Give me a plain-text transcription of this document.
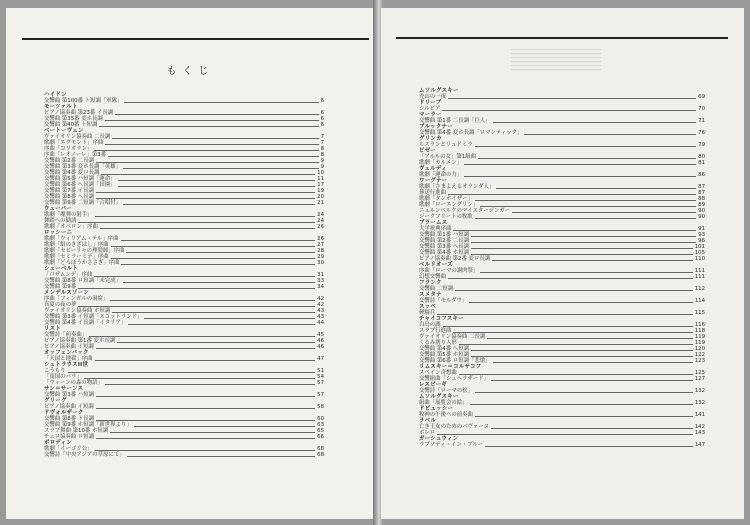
もくじ
ハイドン
交響曲 第100番 ト短調「軍隊」	6
モーツァルト
ピアノ協奏曲 第23番 イ長調	6
交響曲 第35番 変ホ長調	6
交響曲 第40番 ト短調	6
ベートーヴェン
ヴァイオリン協奏曲 二長調	7
歌劇「エグモント」序曲	7
序曲「コリオラン」	8
序曲「レオノーレ」第3番	8
交響曲 第2番 二長調	9
交響曲 第3番 変ホ長調「英雄」	9
交響曲 第4番 変ロ長調	10
交響曲 第5番 ハ短調「運命」	11
交響曲 第6番 へ長調「田園」	17
交響曲 第7番 イ長調	19
交響曲 第8番 へ長調	20
交響曲 第9番 二短調「合唱付」	21
ウェーバー
歌劇「魔弾の射手」	24
舞踏への勧誘	24
歌劇「オベロン」序曲	26
ロッシーニ
歌劇「ウィリアム・テル」序曲	26
歌劇「絹のきざはし」序曲	27
歌劇「セビーリャの理髪師」序曲	28
歌劇「セミラーミデ」序曲	29
歌劇「どろぼうかささぎ」序曲	30
シューベルト
「ロザムンデ」序曲	31
交響曲 第8番 ロ短調「未完成」	33
交響曲 第9番	34
メンデルスゾーン
序曲「フィンガルの洞窟」	42
真夏の夜の夢	42
ヴァイオリン協奏曲 ホ短調	43
交響曲 第3番 イ短調「スコットランド」	43
交響曲 第4番 イ長調「イタリア」	44
リスト
交響詩「前奏曲」	45
ピアノ協奏曲 第1番 変ホ長調	46
ピアノ協奏曲 イ短調	46
オッフェンバック
「天国と地獄」序曲	47
シュトラウスII世
こうもり	51
「南国のバラ」	54
「ウィーンの森の物語」	57
サン＝サーンス
交響曲 第3番 ハ短調	57
グリーグ
ピアノ協奏曲 イ短調	58
ドヴォルザーク
交響曲 第8番 ト長調	60
交響曲 第9番 ホ短調「新世界より」	63
スラブ舞曲 第10番 ホ短調	65
チェロ協奏曲 ロ短調	66
ボロディン
歌劇「イーゴリ公」	68
交響詩「中央アジアの草原にて」	68
ムソルグスキー
禿山の一夜	69
ドリーブ
シルビア	70
マーラー
交響曲 第1番 二長調「巨人」	71
ブルックナー
交響曲 第4番 変ホ長調「ロマンティック」	76
グリンカ
ルスランとリュドミラ	79
ビゼー
「アルルの女」第1組曲	80
歌劇「カルメン」	81
ヴェルディ
歌劇「運命の力」	86
ワーグナー
歌劇「さまよえるオランダ人」	87
葬送行進曲	87
歌劇「タンホイザー」	88
歌劇「ローエングリン」	89
ニュルンベルクのマイスタージンガー	90
ジークフリートの牧歌	90
ブラームス
大学祝典序曲	91
交響曲 第1番 ハ短調	93
交響曲 第2番 二長調	96
交響曲 第3番 へ長調	101
交響曲 第4番 ホ短調	105
ピアノ協奏曲 第2番 変ロ長調	110
ベルリオーズ
序曲「ローマの謝肉祭」	111
幻想交響曲	111
フランク
交響曲 二短調	112
スメタナ
交響詩「モルダウ」	114
スッペ
軽騎兵	115
チャイコフスキー
白鳥の湖	116
スラブ行進曲	118
ヴァイオリン協奏曲 二長調	119
くるみ割り人形	119
交響曲 第4番 へ短調	120
交響曲 第5番 ホ短調	122
交響曲 第6番 ロ短調「悲愴」	123
リムスキー＝コルサコフ
スペイン奇想曲	125
交響組曲「シェヘラザード」	127
レスピーギ
交響詩「ローマの松」	132
ムソルグスキー
組曲「展覧会の絵」	132
ドビュッシー
牧神の午後への前奏曲	141
ラベル
亡き王女のためのパヴァーヌ	142
ボレロ	143
ガーシュウィン
ラプソディ・イン・ブルー	147
